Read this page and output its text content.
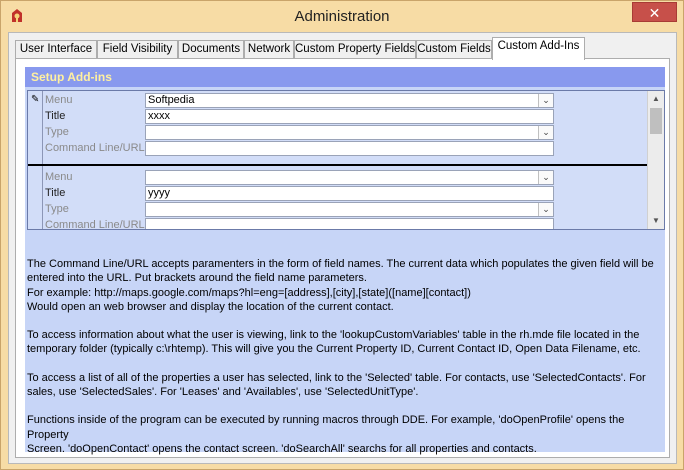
Administration	✕
User Interface Field Visibility Documents Network Custom Property Fields Custom Fields Custom Add-Ins
Setup Add-ins
✎ Menu	Softpedia	⌄
Title	xxxx
Type	⌄
Command Line/URL
Menu	⌄
Title	yyyy
Type	⌄
Command Line/URL
▲
▼

The Command Line/URL accepts paramenters in the form of field names. The current data which populates the given field will be
entered into the URL. Put brackets around the field name parameters.
For example: http://maps.google.com/maps?hl=eng=[address],[city],[state]([name][contact])
Would open an web browser and display the location of the current contact.

To access information about what the user is viewing, link to the 'lookupCustomVariables' table in the rh.mde file located in the
temporary folder (typically c:\rhtemp). This will give you the Current Property ID, Current Contact ID, Open Data Filename, etc.

To access a list of all of the properties a user has selected, link to the 'Selected' table. For contacts, use 'SelectedContacts'. For
sales, use 'SelectedSales'. For 'Leases' and 'Availables', use 'SelectedUnitType'.

Functions inside of the program can be executed by running macros through DDE. For example, 'doOpenProfile' opens the Property
Screen. 'doOpenContact' opens the contact screen. 'doSearchAll' searchs for all properties and contacts.
